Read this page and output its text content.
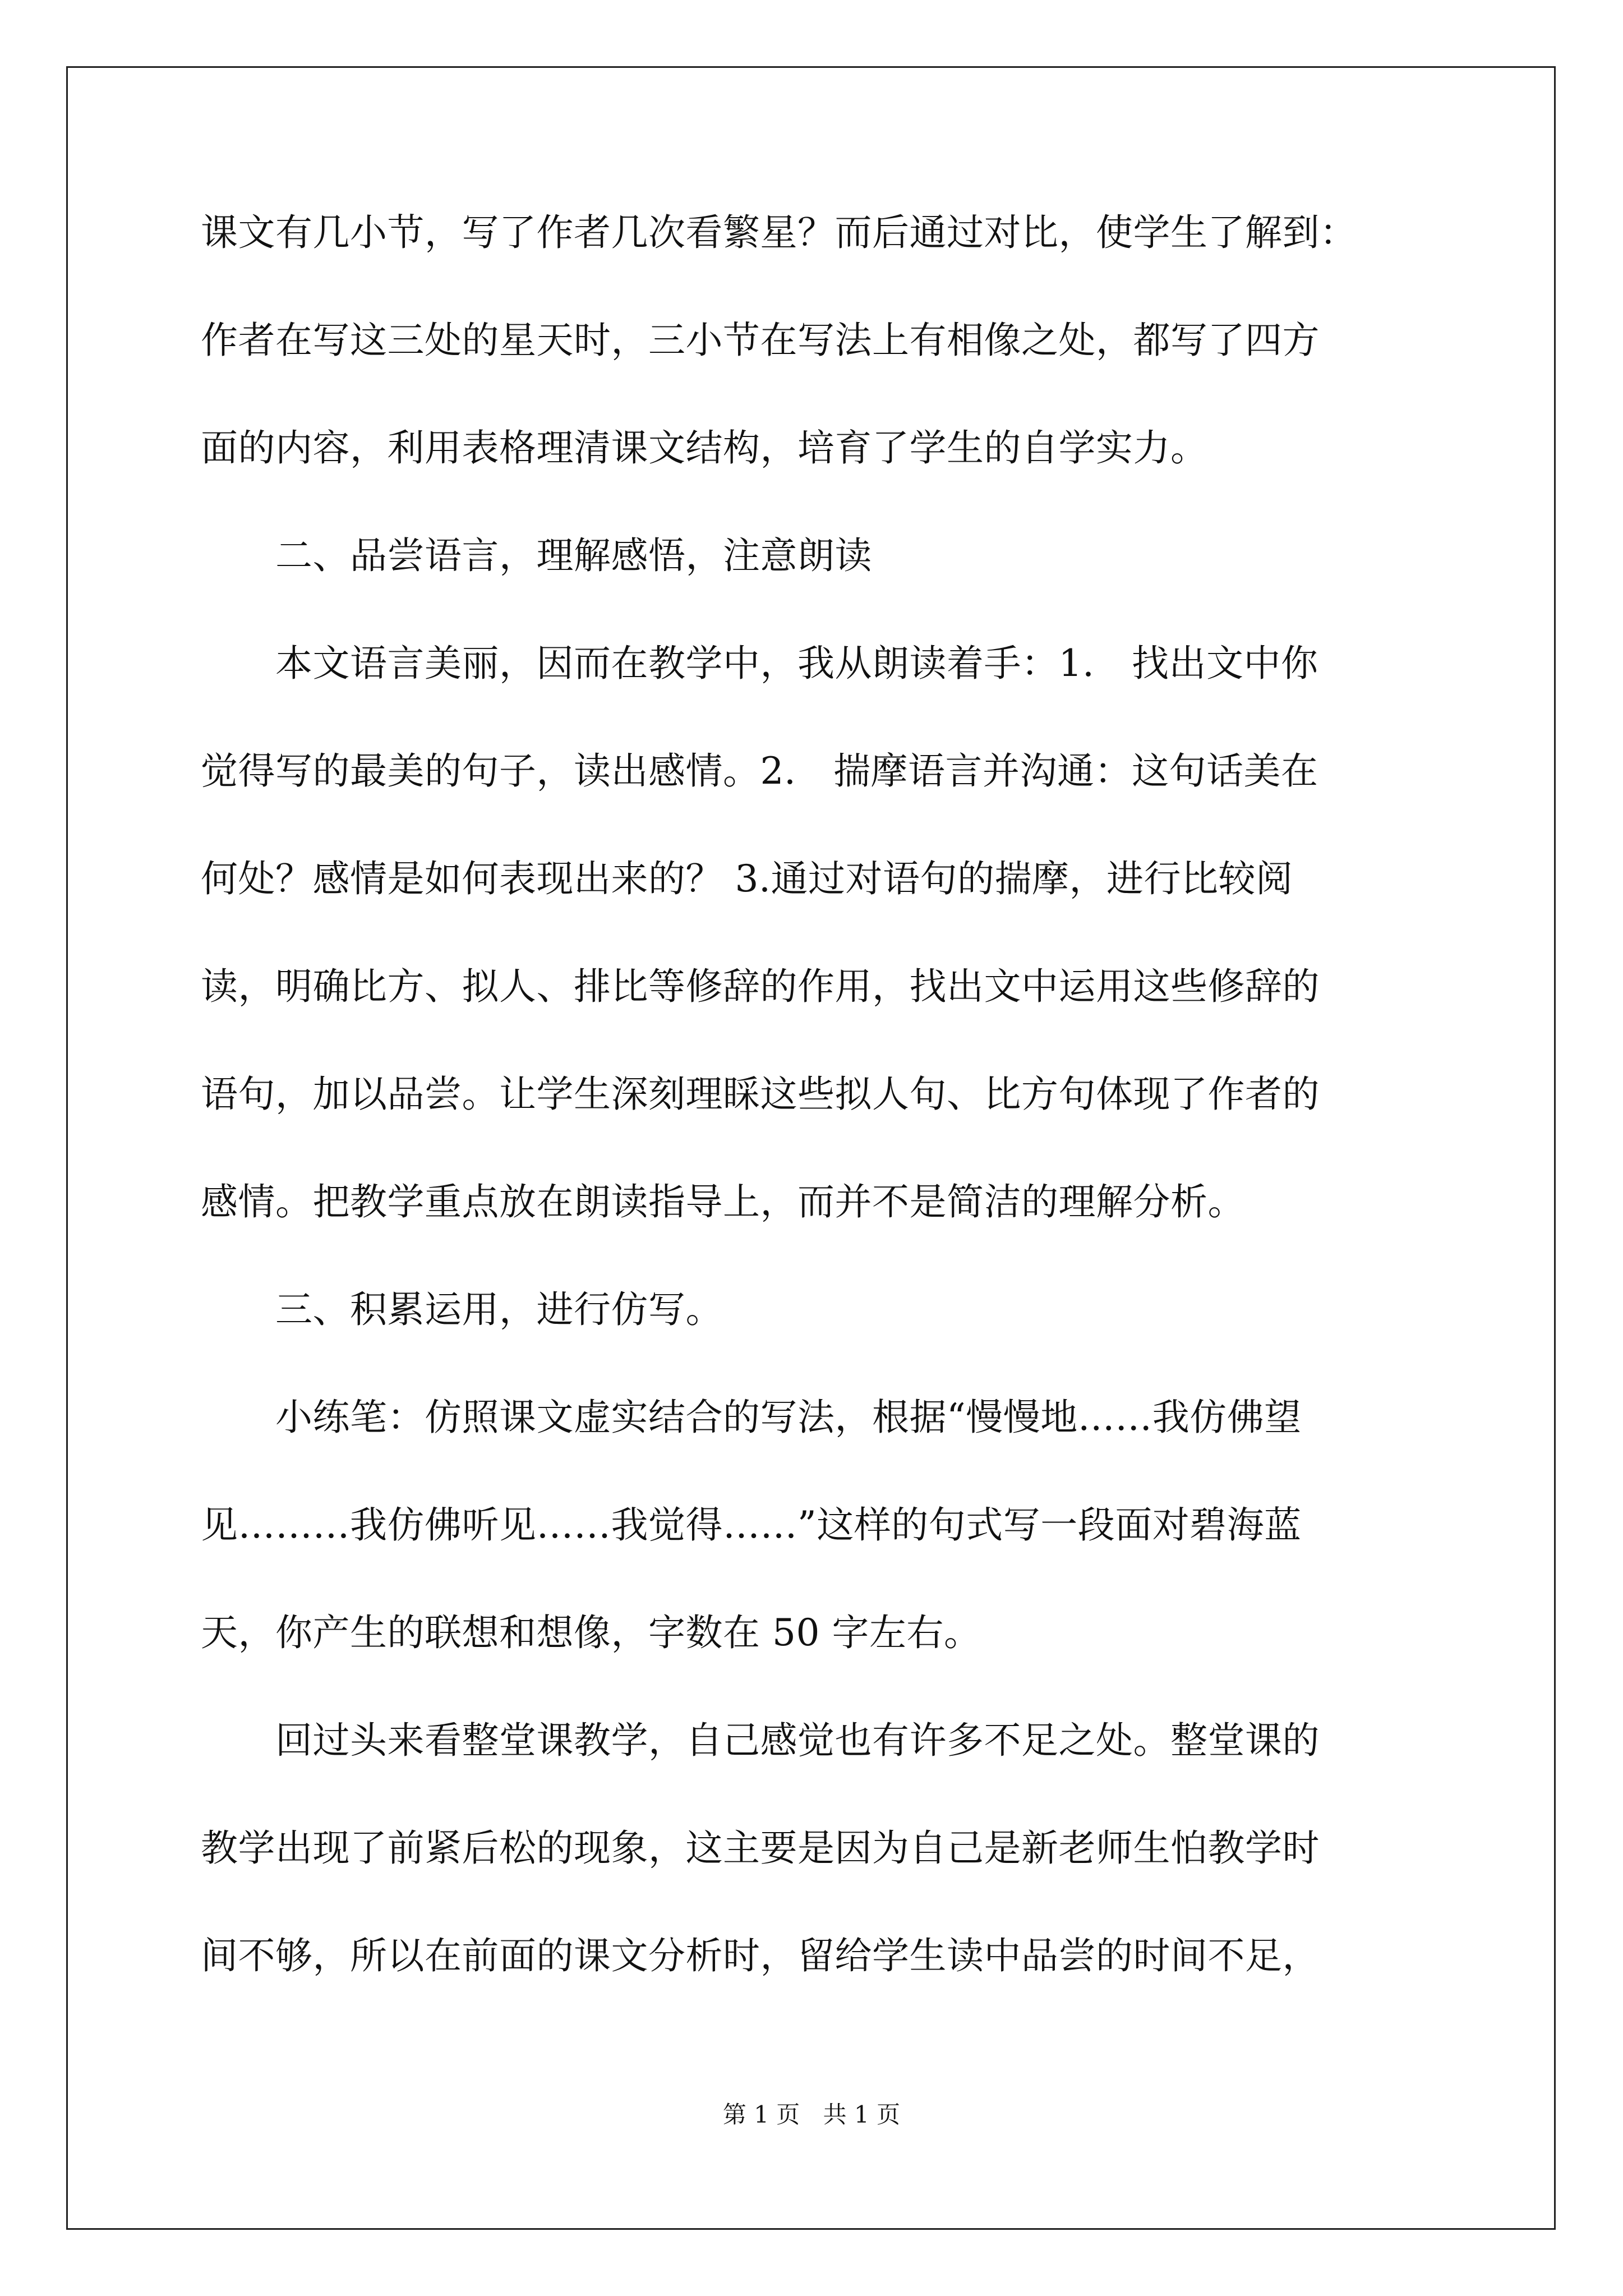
课文有几小节，写了作者几次看繁星？而后通过对比，使学生了解到：
作者在写这三处的星天时，三小节在写法上有相像之处，都写了四方
面的内容，利用表格理清课文结构，培育了学生的自学实力。
　　二、品尝语言，理解感悟，注意朗读
　　本文语言美丽，因而在教学中，我从朗读着手：1.　找出文中你
觉得写的最美的句子，读出感情。2.　揣摩语言并沟通：这句话美在
何处？感情是如何表现出来的？ 3.通过对语句的揣摩，进行比较阅
读，明确比方、拟人、排比等修辞的作用，找出文中运用这些修辞的
语句，加以品尝。让学生深刻理睬这些拟人句、比方句体现了作者的
感情。把教学重点放在朗读指导上，而并不是简洁的理解分析。
　　三、积累运用，进行仿写。
　　小练笔：仿照课文虚实结合的写法，根据“慢慢地……我仿佛望
见………我仿佛听见……我觉得……”这样的句式写一段面对碧海蓝
天，你产生的联想和想像，字数在 50 字左右。
　　回过头来看整堂课教学，自己感觉也有许多不足之处。整堂课的
教学出现了前紧后松的现象，这主要是因为自己是新老师生怕教学时
间不够，所以在前面的课文分析时，留给学生读中品尝的时间不足，
第 1 页 共 1 页
